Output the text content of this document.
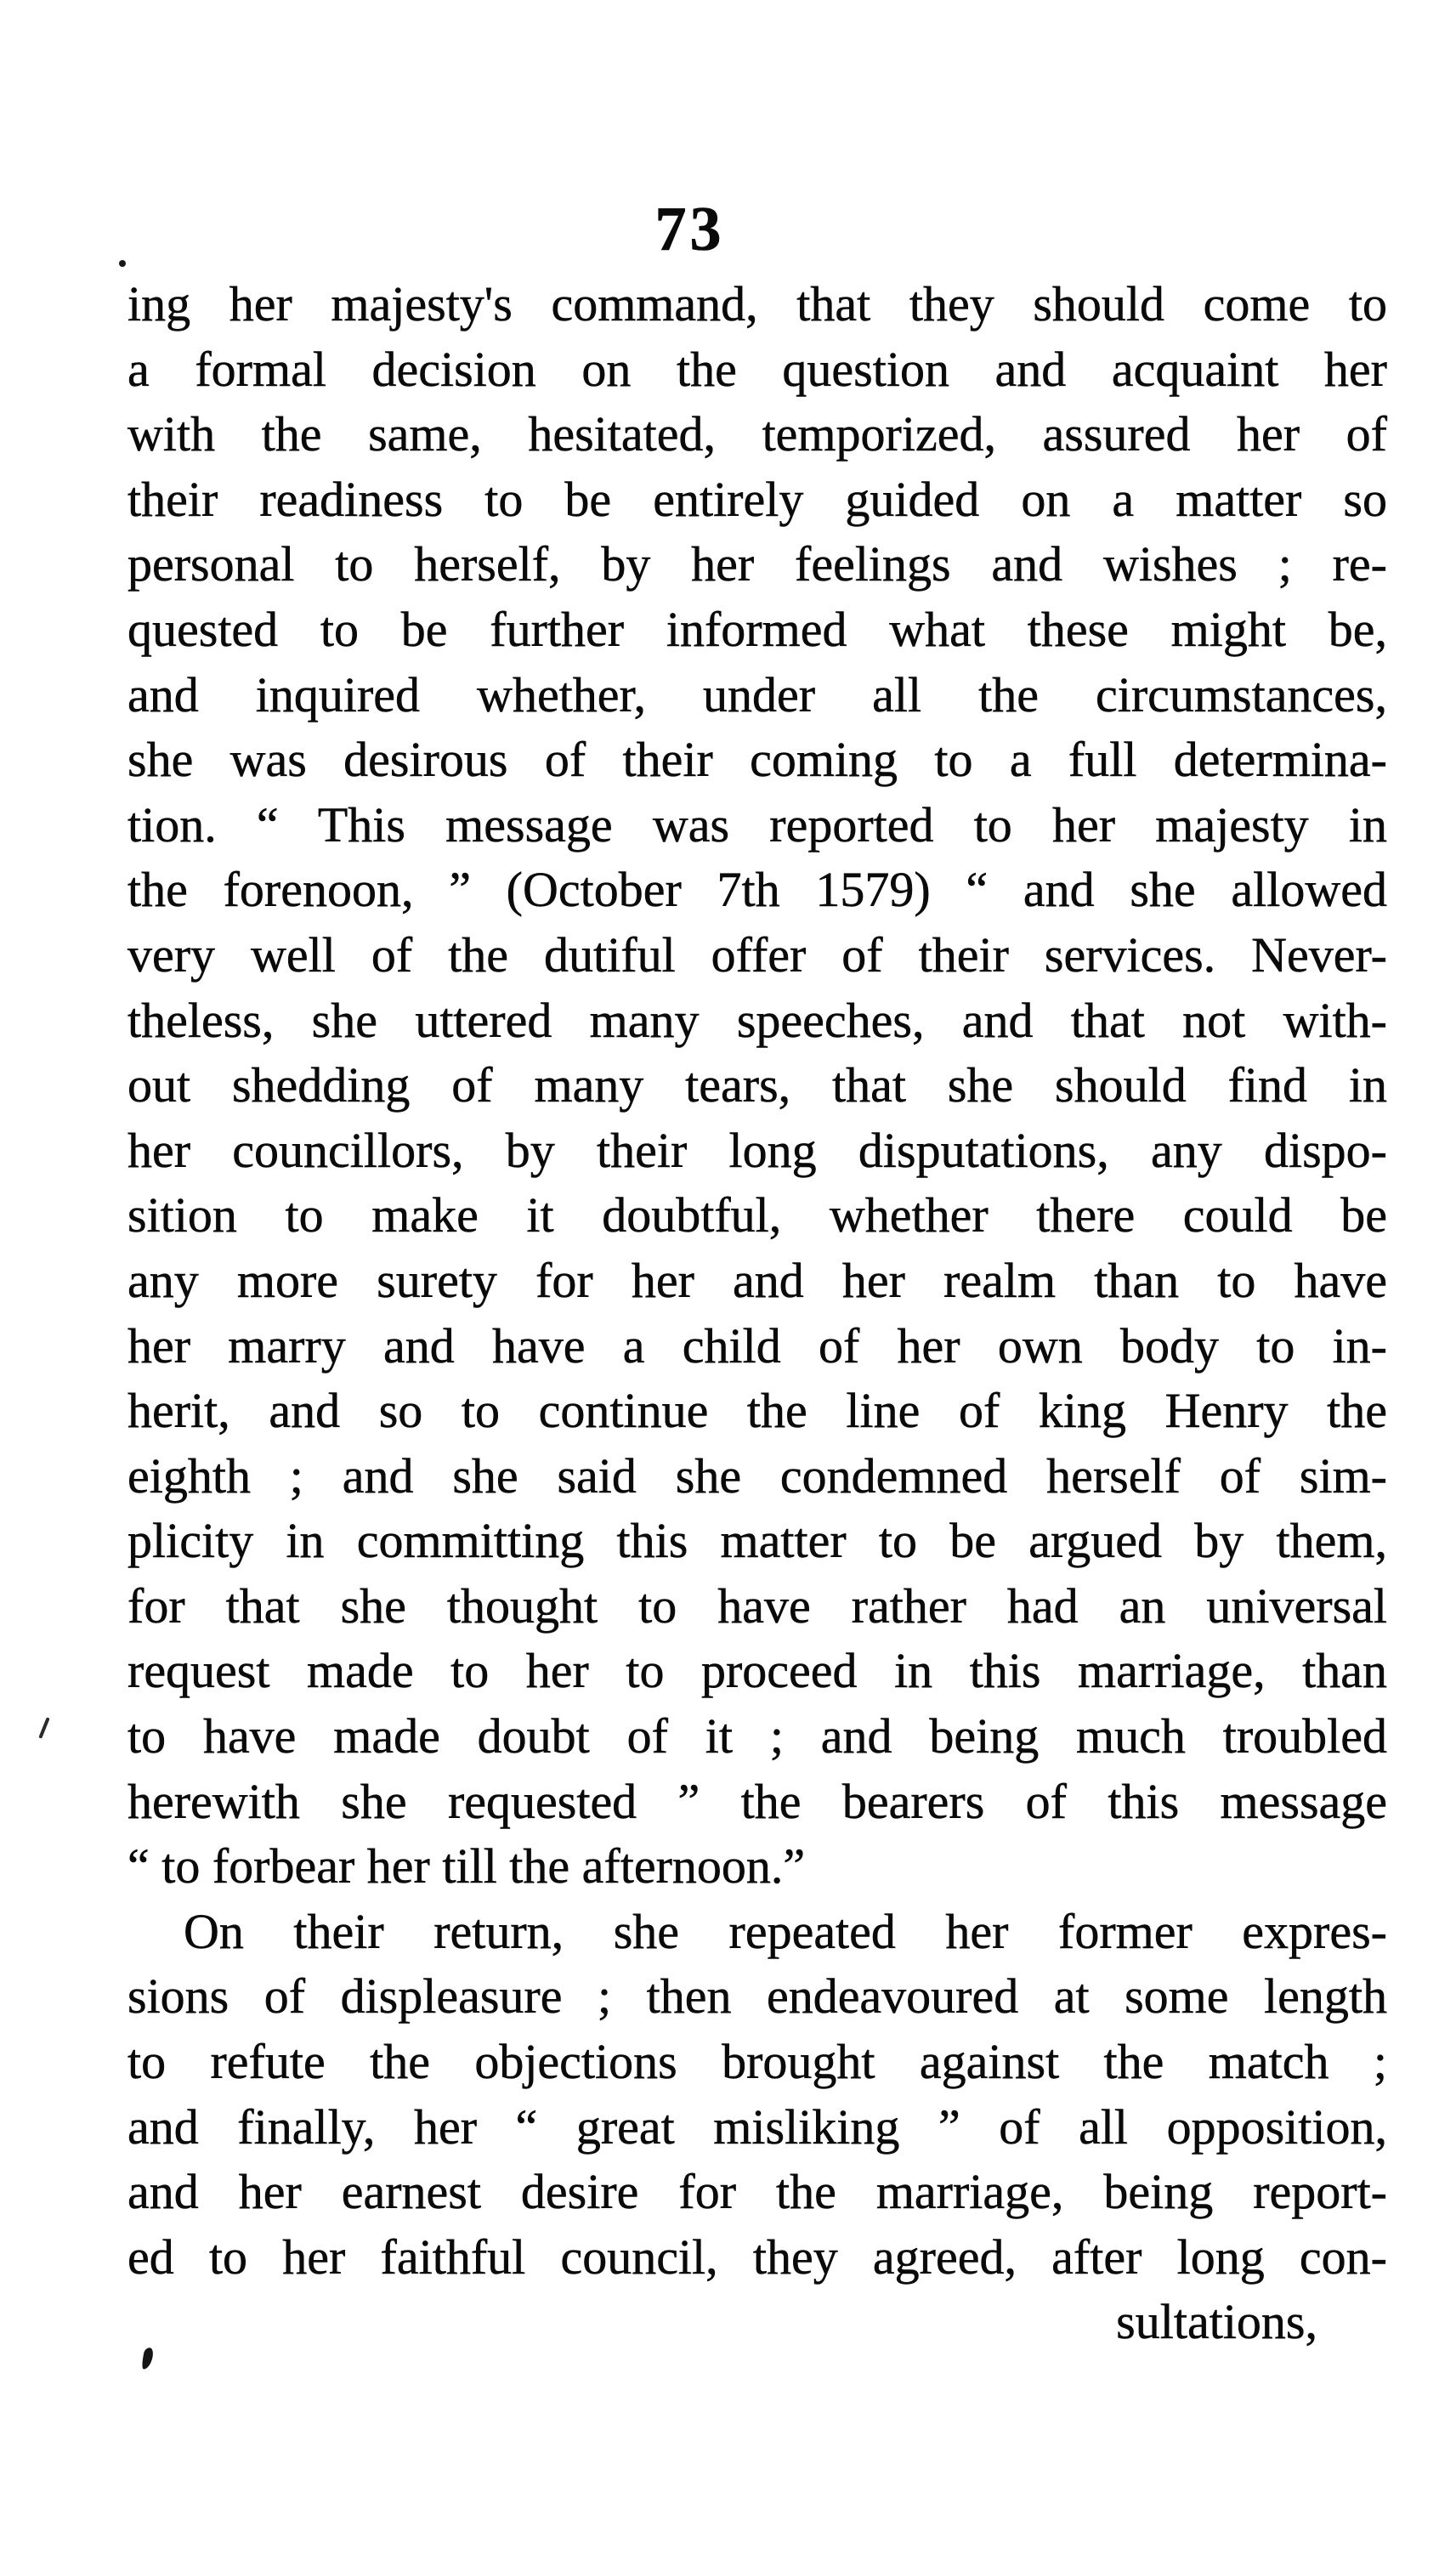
73
ing her majesty's command, that they should come to
a formal decision on the question and acquaint her
with the same, hesitated, temporized, assured her of
their readiness to be entirely guided on a matter so
personal to herself, by her feelings and wishes ; re-
quested to be further informed what these might be,
and inquired whether, under all the circumstances,
she was desirous of their coming to a full determina-
tion. “ This message was reported to her majesty in
the forenoon, ” (October 7th 1579) “ and she allowed
very well of the dutiful offer of their services. Never-
theless, she uttered many speeches, and that not with-
out shedding of many tears, that she should find in
her councillors, by their long disputations, any dispo-
sition to make it doubtful, whether there could be
any more surety for her and her realm than to have
her marry and have a child of her own body to in-
herit, and so to continue the line of king Henry the
eighth ; and she said she condemned herself of sim-
plicity in committing this matter to be argued by them,
for that she thought to have rather had an universal
request made to her to proceed in this marriage, than
to have made doubt of it ; and being much troubled
herewith she requested ” the bearers of this message
“ to forbear her till the afternoon.”
On their return, she repeated her former expres-
sions of displeasure ; then endeavoured at some length
to refute the objections brought against the match ;
and finally, her “ great misliking ” of all opposition,
and her earnest desire for the marriage, being report-
ed to her faithful council, they agreed, after long con-
sultations,
